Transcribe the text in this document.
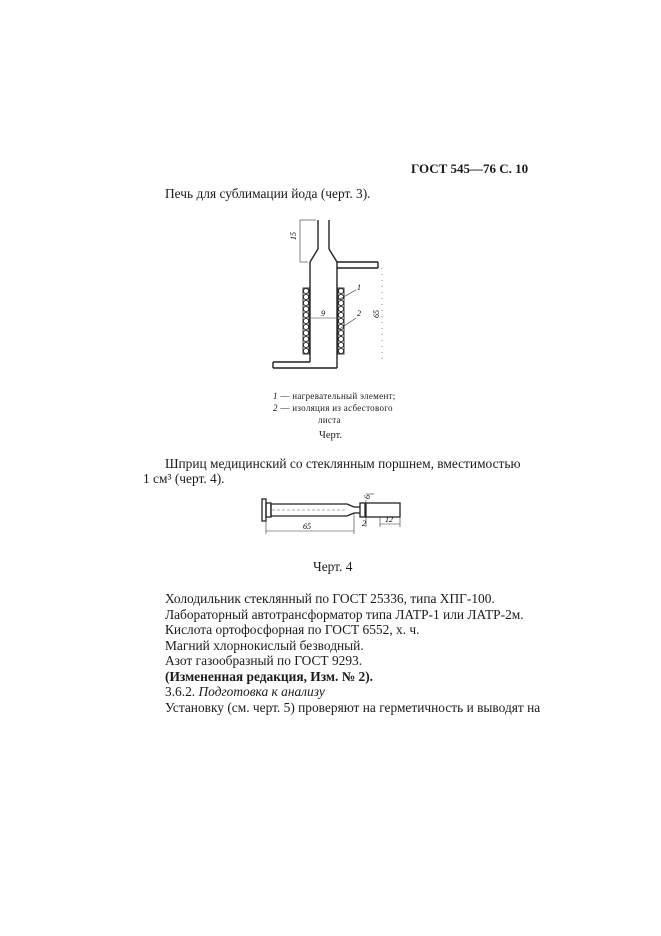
ГОСТ 545—76 С. 10
Печь для сублимации йода (черт. 3).
15
9	65
1
2
1 — нагревательный элемент;
2 — изоляция из асбестового
листа
Черт.
Шприц медицинский со стеклянным поршнем, вместимостью
1 см³ (черт. 4).
65
6
2 12
Черт. 4
Холодильник стеклянный по ГОСТ 25336, типа ХПГ-100.
Лабораторный автотрансформатор типа ЛАТР-1 или ЛАТР-2м.
Кислота ортофосфорная по ГОСТ 6552, х. ч.
Магний хлорнокислый безводный.
Азот газообразный по ГОСТ 9293.
(Измененная редакция, Изм. № 2).
3.6.2. Подготовка к анализу
Установку (см. черт. 5) проверяют на герметичность и выводят на
